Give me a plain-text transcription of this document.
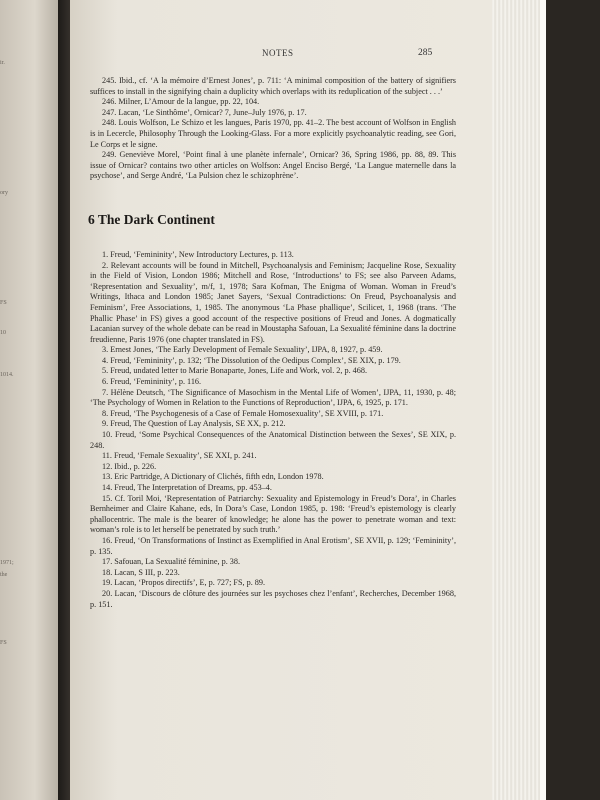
ir.
ory
FS
10
1014.
1971;
the
FS
NOTES	285

245. Ibid., cf. ‘A la mémoire d’Ernest Jones’, p. 711: ‘A minimal composition of the battery of signifiers suffices to install in the signifying chain a duplicity which overlaps with its reduplication of the subject . . .’

246. Milner, L’Amour de la langue, pp. 22, 104.

247. Lacan, ‘Le Sinthôme’, Ornicar? 7, June–July 1976, p. 17.

248. Louis Wolfson, Le Schizo et les langues, Paris 1970, pp. 41–2. The best account of Wolfson in English is in Lecercle, Philosophy Through the Looking-Glass. For a more explicitly psychoanalytic reading, see Gori, Le Corps et le signe.

249. Geneviève Morel, ‘Point final à une planète infernale’, Ornicar? 36, Spring 1986, pp. 88, 89. This issue of Ornicar? contains two other articles on Wolfson: Angel Enciso Bergé, ‘La Langue maternelle dans la psychose’, and Serge André, ‘La Pulsion chez le schizophrène’.

6 The Dark Continent

1. Freud, ‘Femininity’, New Introductory Lectures, p. 113.

2. Relevant accounts will be found in Mitchell, Psychoanalysis and Feminism; Jacqueline Rose, Sexuality in the Field of Vision, London 1986; Mitchell and Rose, ‘Introductions’ to FS; see also Parveen Adams, ‘Representation and Sexuality’, m/f, 1, 1978; Sara Kofman, The Enigma of Woman. Woman in Freud’s Writings, Ithaca and London 1985; Janet Sayers, ‘Sexual Contradictions: On Freud, Psychoanalysis and Feminism’, Free Associations, 1, 1985. The anonymous ‘La Phase phallique’, Scilicet, 1, 1968 (trans. ‘The Phallic Phase’ in FS) gives a good account of the respective positions of Freud and Jones. A dogmatically Lacanian survey of the whole debate can be read in Moustapha Safouan, La Sexualité féminine dans la doctrine freudienne, Paris 1976 (one chapter translated in FS).

3. Ernest Jones, ‘The Early Development of Female Sexuality’, IJPA, 8, 1927, p. 459.

4. Freud, ‘Femininity’, p. 132; ‘The Dissolution of the Oedipus Complex’, SE XIX, p. 179.

5. Freud, undated letter to Marie Bonaparte, Jones, Life and Work, vol. 2, p. 468.

6. Freud, ‘Femininity’, p. 116.

7. Hélène Deutsch, ‘The Significance of Masochism in the Mental Life of Women’, IJPA, 11, 1930, p. 48; ‘The Psychology of Women in Relation to the Functions of Reproduction’, IJPA, 6, 1925, p. 171.

8. Freud, ‘The Psychogenesis of a Case of Female Homosexuality’, SE XVIII, p. 171.

9. Freud, The Question of Lay Analysis, SE XX, p. 212.

10. Freud, ‘Some Psychical Consequences of the Anatomical Distinction between the Sexes’, SE XIX, p. 248.

11. Freud, ‘Female Sexuality’, SE XXI, p. 241.

12. Ibid., p. 226.

13. Eric Partridge, A Dictionary of Clichés, fifth edn, London 1978.

14. Freud, The Interpretation of Dreams, pp. 453–4.

15. Cf. Toril Moi, ‘Representation of Patriarchy: Sexuality and Epistemology in Freud’s Dora’, in Charles Bernheimer and Claire Kahane, eds, In Dora’s Case, London 1985, p. 198: ‘Freud’s epistemology is clearly phallocentric. The male is the bearer of knowledge; he alone has the power to penetrate woman and text: woman’s role is to let herself be penetrated by such truth.’

16. Freud, ‘On Transformations of Instinct as Exemplified in Anal Erotism’, SE XVII, p. 129; ‘Femininity’, p. 135.

17. Safouan, La Sexualité féminine, p. 38.

18. Lacan, S III, p. 223.

19. Lacan, ‘Propos directifs’, E, p. 727; FS, p. 89.

20. Lacan, ‘Discours de clôture des journées sur les psychoses chez l’enfant’, Recherches, December 1968, p. 151.
